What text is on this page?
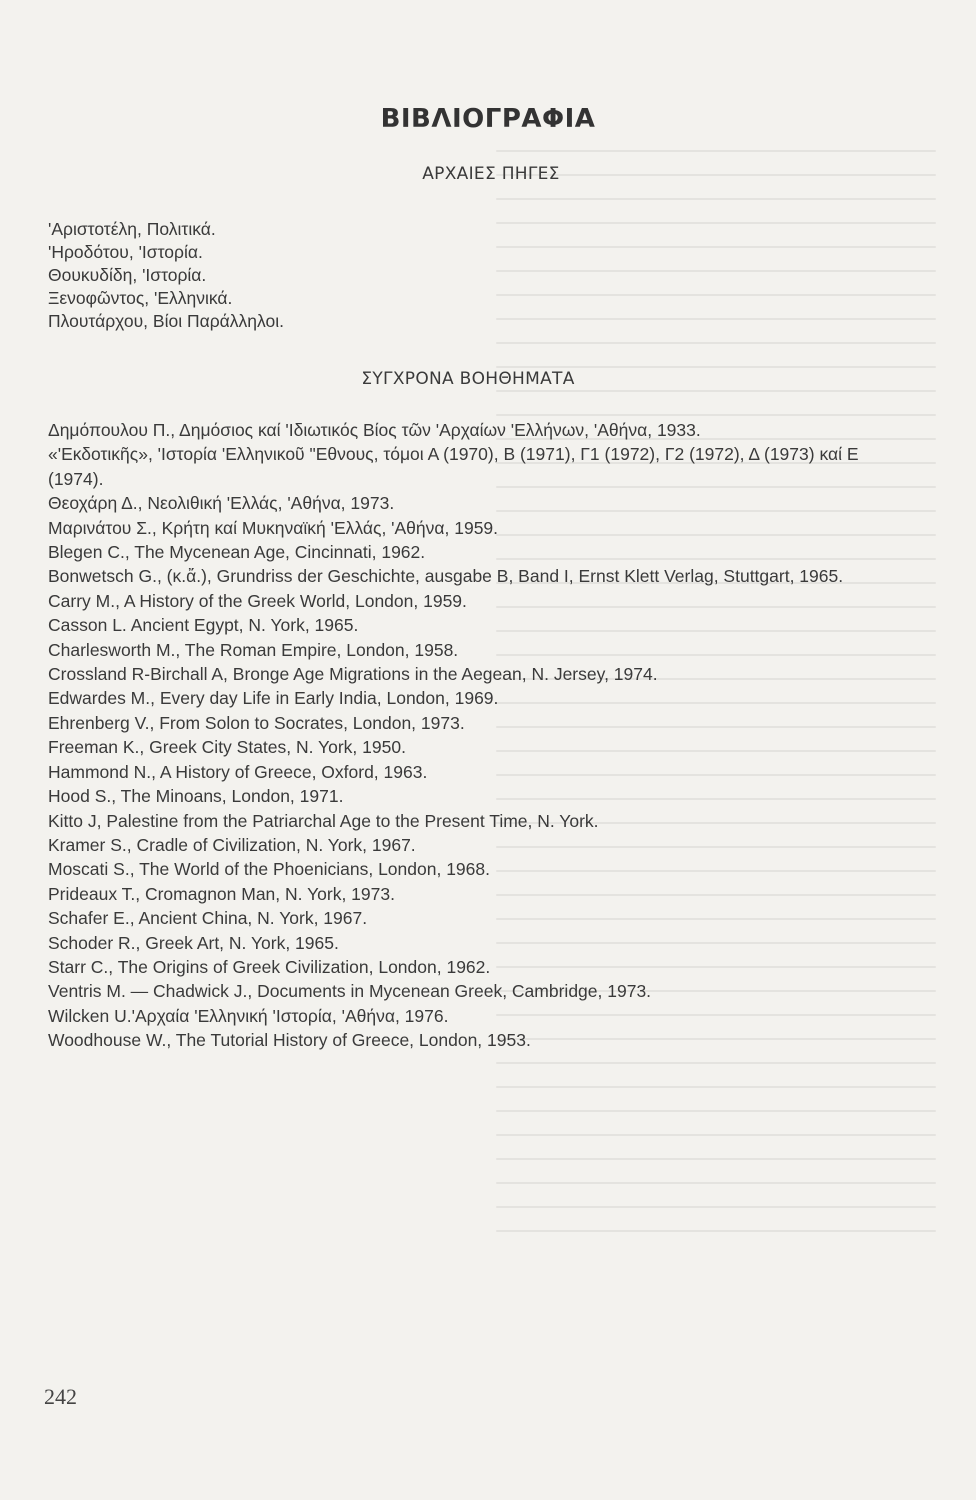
ΒΙΒΛΙΟΓΡΑΦΙΑ
ΑΡΧΑΙΕΣ ΠΗΓΕΣ
'Αριστοτέλη, Πολιτικά.
'Ηροδότου, 'Ιστορία.
Θουκυδίδη, 'Ιστορία.
Ξενοφῶντος, 'Ελληνικά.
Πλουτάρχου, Βίοι Παράλληλοι.
ΣΥΓΧΡΟΝΑ ΒΟΗΘΗΜΑΤΑ
Δημόπουλου Π., Δημόσιος καί 'Ιδιωτικός Βίος τῶν 'Αρχαίων 'Ελλήνων, 'Αθήνα, 1933.
«'Εκδοτικῆς», 'Ιστορία 'Ελληνικοῦ "Εθνους, τόμοι Α (1970), Β (1971), Γ1 (1972), Γ2 (1972), Δ (1973) καί Ε (1974).
Θεοχάρη Δ., Νεολιθική 'Ελλάς, 'Αθήνα, 1973.
Μαρινάτου Σ., Κρήτη καί Μυκηναϊκή 'Ελλάς, 'Αθήνα, 1959.
Blegen C., The Mycenean Age, Cincinnati, 1962.
Bonwetsch G., (κ.ἄ.), Grundriss der Geschichte, ausgabe B, Band I, Ernst Klett Verlag, Stuttgart, 1965.
Carry M., A History of the Greek World, London, 1959.
Casson L. Ancient Egypt, N. York, 1965.
Charlesworth M., The Roman Empire, London, 1958.
Crossland R-Birchall A, Bronge Age Migrations in the Aegean, N. Jersey, 1974.
Edwardes M., Every day Life in Early India, London, 1969.
Ehrenberg V., From Solon to Socrates, London, 1973.
Freeman K., Greek City States, N. York, 1950.
Hammond N., A History of Greece, Oxford, 1963.
Hood S., The Minoans, London, 1971.
Kitto J, Palestine from the Patriarchal Age to the Present Time, N. York.
Kramer S., Cradle of Civilization, N. York, 1967.
Moscati S., The World of the Phoenicians, London, 1968.
Prideaux T., Cromagnon Man, N. York, 1973.
Schafer E., Ancient China, N. York, 1967.
Schoder R., Greek Art, N. York, 1965.
Starr C., The Origins of Greek Civilization, London, 1962.
Ventris M. — Chadwick J., Documents in Mycenean Greek, Cambridge, 1973.
Wilcken U.'Αρχαία 'Ελληνική 'Ιστορία, 'Αθήνα, 1976.
Woodhouse W., The Tutorial History of Greece, London, 1953.
242
